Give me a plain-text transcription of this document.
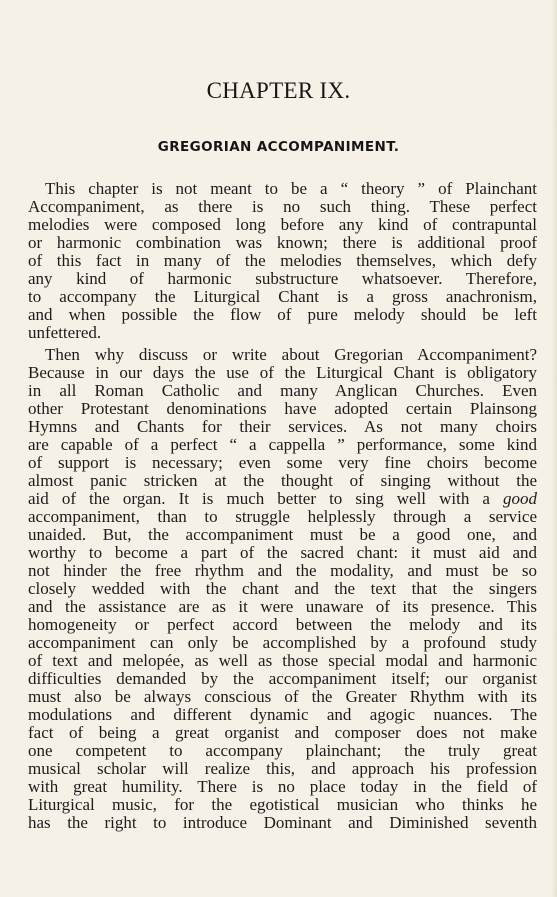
CHAPTER IX.
GREGORIAN ACCOMPANIMENT.
This chapter is not meant to be a “ theory ” of Plainchant
Accompaniment, as there is no such thing. These perfect
melodies were composed long before any kind of contrapuntal
or harmonic combination was known; there is additional proof
of this fact in many of the melodies themselves, which defy
any kind of harmonic substructure whatsoever. Therefore,
to accompany the Liturgical Chant is a gross anachronism,
and when possible the flow of pure melody should be left
unfettered.
Then why discuss or write about Gregorian Accompaniment?
Because in our days the use of the Liturgical Chant is obligatory
in all Roman Catholic and many Anglican Churches. Even
other Protestant denominations have adopted certain Plainsong
Hymns and Chants for their services. As not many choirs
are capable of a perfect “ a cappella ” performance, some kind
of support is necessary; even some very fine choirs become
almost panic stricken at the thought of singing without the
aid of the organ. It is much better to sing well with a good
accompaniment, than to struggle helplessly through a service
unaided. But, the accompaniment must be a good one, and
worthy to become a part of the sacred chant: it must aid and
not hinder the free rhythm and the modality, and must be so
closely wedded with the chant and the text that the singers
and the assistance are as it were unaware of its presence. This
homogeneity or perfect accord between the melody and its
accompaniment can only be accomplished by a profound study
of text and melopée, as well as those special modal and harmonic
difficulties demanded by the accompaniment itself; our organist
must also be always conscious of the Greater Rhythm with its
modulations and different dynamic and agogic nuances. The
fact of being a great organist and composer does not make
one competent to accompany plainchant; the truly great
musical scholar will realize this, and approach his profession
with great humility. There is no place today in the field of
Liturgical music, for the egotistical musician who thinks he
has the right to introduce Dominant and Diminished seventh
